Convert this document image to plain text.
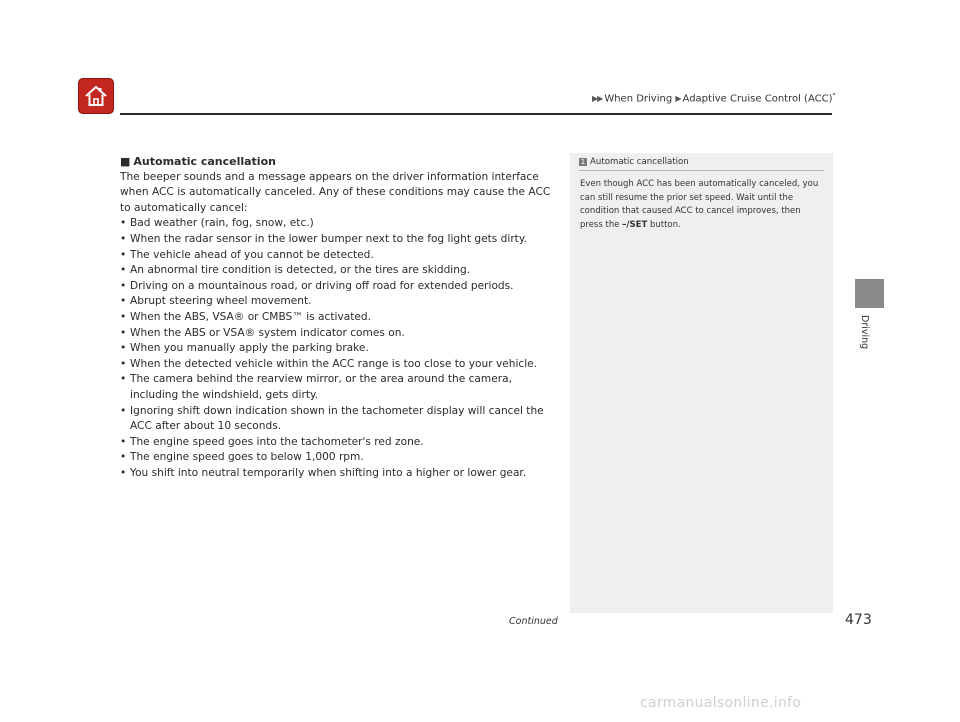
▶▶ When Driving ▶ Adaptive Cruise Control (ACC)*
■ Automatic cancellation

The beeper sounds and a message appears on the driver information interface when ACC is automatically canceled. Any of these conditions may cause the ACC to automatically cancel:

• Bad weather (rain, fog, snow, etc.)
• When the radar sensor in the lower bumper next to the fog light gets dirty.
• The vehicle ahead of you cannot be detected.
• An abnormal tire condition is detected, or the tires are skidding.
• Driving on a mountainous road, or driving off road for extended periods.
• Abrupt steering wheel movement.
• When the ABS, VSA® or CMBS™ is activated.
• When the ABS or VSA® system indicator comes on.
• When you manually apply the parking brake.
• When the detected vehicle within the ACC range is too close to your vehicle.
• The camera behind the rearview mirror, or the area around the camera, including the windshield, gets dirty.
• Ignoring shift down indication shown in the tachometer display will cancel the ACC after about 10 seconds.
• The engine speed goes into the tachometer's red zone.
• The engine speed goes to below 1,000 rpm.
• You shift into neutral temporarily when shifting into a higher or lower gear.
1 Automatic cancellation
Even though ACC has been automatically canceled, you can still resume the prior set speed. Wait until the condition that caused ACC to cancel improves, then press the –/SET button.
Driving
Continued	473
carmanualsonline.info
